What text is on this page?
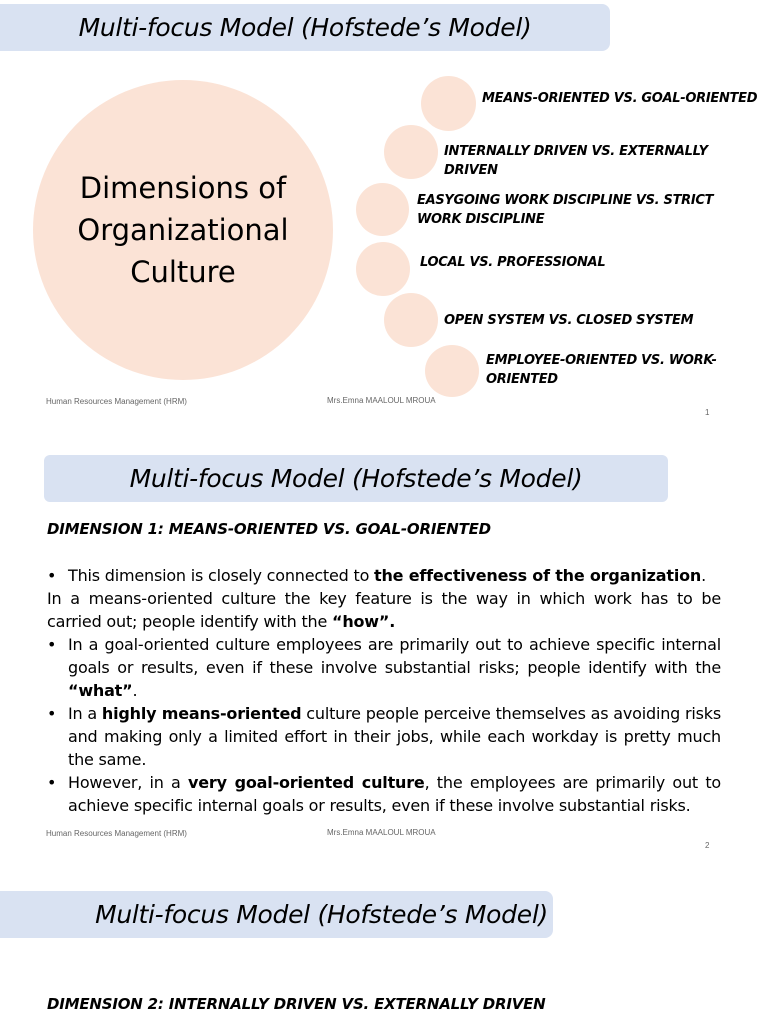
Multi-focus Model (Hofstede’s Model)
Dimensions of Organizational Culture
MEANS-ORIENTED VS. GOAL-ORIENTED
INTERNALLY DRIVEN VS. EXTERNALLY DRIVEN
EASYGOING WORK DISCIPLINE VS. STRICT WORK DISCIPLINE
LOCAL VS. PROFESSIONAL
OPEN SYSTEM VS. CLOSED SYSTEM
EMPLOYEE-ORIENTED VS. WORK-ORIENTED
Human Resources Management (HRM)	Mrs.Emna MAALOUL MROUA
1
Multi-focus Model (Hofstede’s Model)
DIMENSION 1: MEANS-ORIENTED VS. GOAL-ORIENTED

• This dimension is closely connected to the effectiveness of the organization.

In a means-oriented culture the key feature is the way in which work has to be carried out; people identify with the “how”.

• In a goal-oriented culture employees are primarily out to achieve specific internal goals or results, even if these involve substantial risks; people identify with the “what”.

• In a highly means-oriented culture people perceive themselves as avoiding risks and making only a limited effort in their jobs, while each workday is pretty much the same.

• However, in a very goal-oriented culture, the employees are primarily out to achieve specific internal goals or results, even if these involve substantial risks.

Human Resources Management (HRM)	Mrs.Emna MAALOUL MROUA
2
Multi-focus Model (Hofstede’s Model)
DIMENSION 2: INTERNALLY DRIVEN VS. EXTERNALLY DRIVEN
